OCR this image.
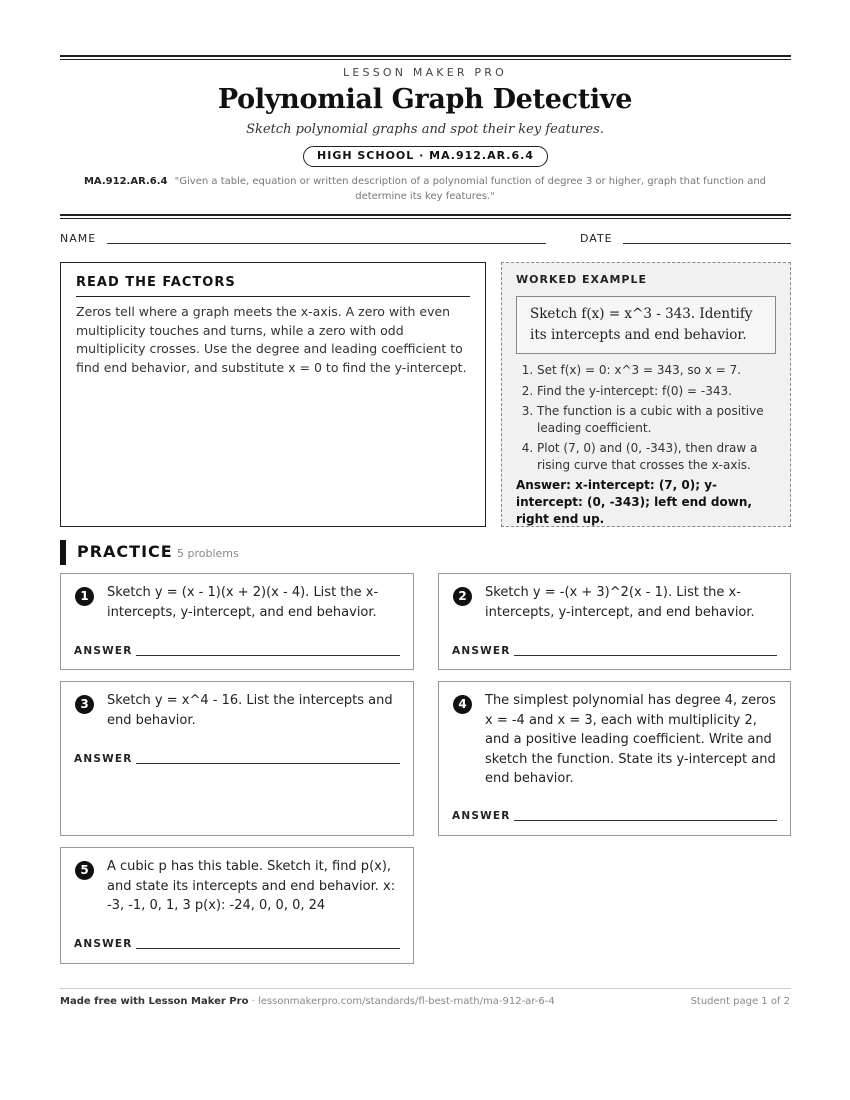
LESSON MAKER PRO
Polynomial Graph Detective
Sketch polynomial graphs and spot their key features.
HIGH SCHOOL · MA.912.AR.6.4
MA.912.AR.6.4 "Given a table, equation or written description of a polynomial function of degree 3 or higher, graph that function and determine its key features."
NAME	DATE
READ THE FACTORS

Zeros tell where a graph meets the x-axis. A zero with even multiplicity touches and turns, while a zero with odd multiplicity crosses. Use the degree and leading coefficient to find end behavior, and substitute x = 0 to find the y-intercept.

WORKED EXAMPLE
Sketch f(x) = x^3 - 343. Identify its intercepts and end behavior.
1. Set f(x) = 0: x^3 = 343, so x = 7.
2. Find the y-intercept: f(0) = -343.
3. The function is a cubic with a positive leading coefficient.
4. Plot (7, 0) and (0, -343), then draw a rising curve that crosses the x-axis.
Answer: x-intercept: (7, 0); y-intercept: (0, -343); left end down, right end up.
PRACTICE 5 problems
1	Sketch y = (x - 1)(x + 2)(x - 4). List the x-intercepts, y-intercept, and end behavior.
ANSWER
2	Sketch y = -(x + 3)^2(x - 1). List the x-intercepts, y-intercept, and end behavior.
ANSWER
3	Sketch y = x^4 - 16. List the intercepts and end behavior.
ANSWER
4	The simplest polynomial has degree 4, zeros x = -4 and x = 3, each with multiplicity 2, and a positive leading coefficient. Write and sketch the function. State its y-intercept and end behavior.
ANSWER
5	A cubic p has this table. Sketch it, find p(x), and state its intercepts and end behavior. x: -3, -1, 0, 1, 3 p(x): -24, 0, 0, 0, 24
ANSWER
Made free with Lesson Maker Pro · lessonmakerpro.com/standards/fl-best-math/ma-912-ar-6-4	Student page 1 of 2
